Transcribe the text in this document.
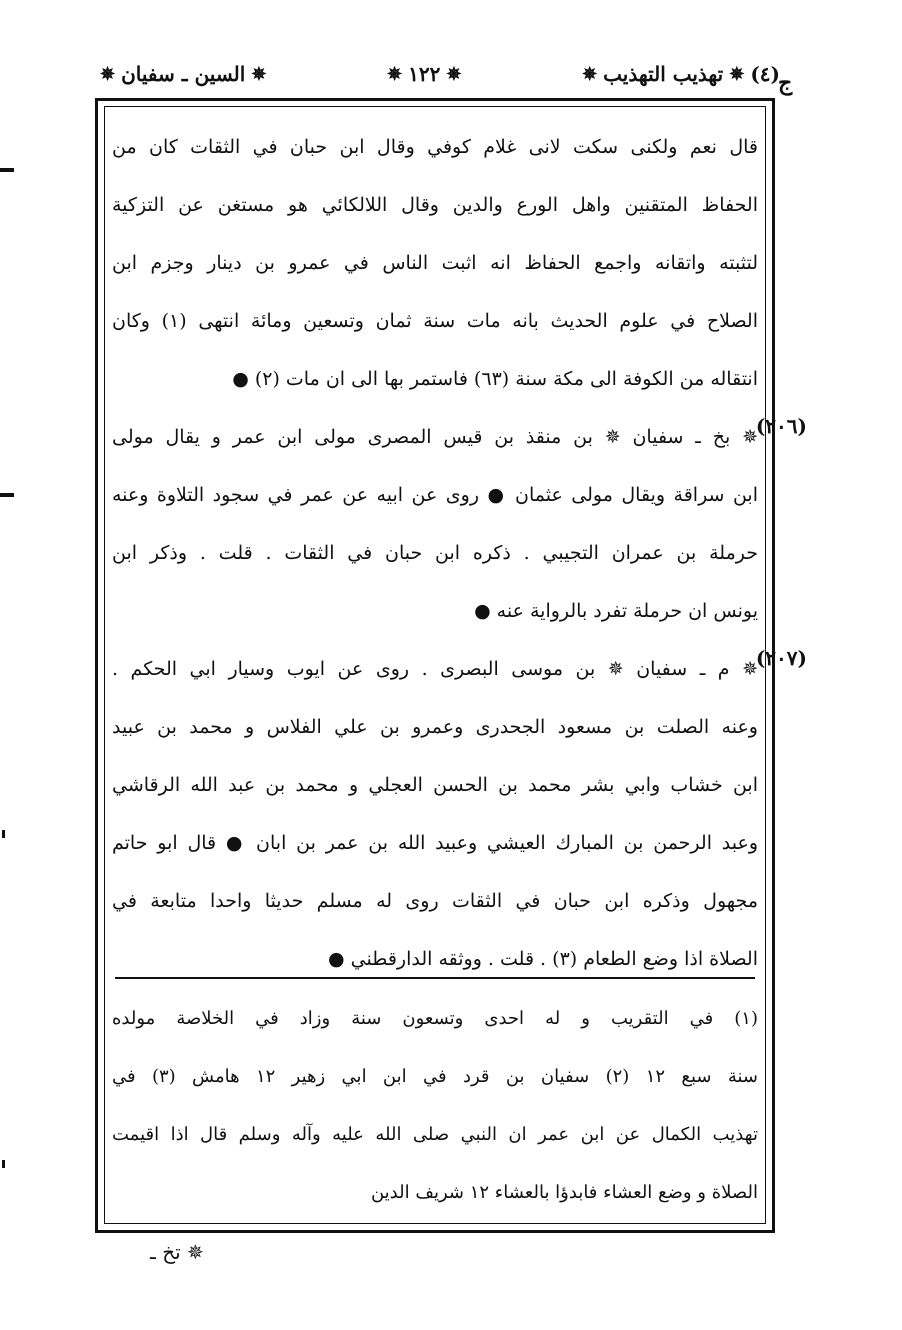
(٤)
✵
تهذيب التهذيب
✵
✵
١٢٢
✵
✵
السين ـ سفيان
✵	ج
قال نعم ولكنى سكت لانى غلام كوفي وقال ابن حبان في الثقات كان من
الحفاظ المتقنين واهل الورع والدين وقال اللالكائي هو مستغن عن التزكية
لتثبته واتقانه واجمع الحفاظ انه اثبت الناس في عمرو بن دينار وجزم ابن
الصلاح في علوم الحديث بانه مات سنة ثمان وتسعين ومائة انتهى (١) وكان
انتقاله من الكوفة الى مكة سنة (٦٣) فاستمر بها الى ان مات (٢) ●
✵ بخ ـ سفيان ✵ بن منقذ بن قيس المصرى مولى ابن عمر و يقال مولى
ابن سراقة ويقال مولى عثمان ● روى عن ابيه عن عمر في سجود التلاوة وعنه
حرملة بن عمران التجيبي . ذكره ابن حبان في الثقات . قلت . وذكر ابن
يونس ان حرملة تفرد بالرواية عنه ●
✵ م ـ سفيان ✵ بن موسى البصرى . روى عن ايوب وسيار ابي الحكم .
وعنه الصلت بن مسعود الجحدرى وعمرو بن علي الفلاس و محمد بن عبيد
ابن خشاب وابي بشر محمد بن الحسن العجلي و محمد بن عبد الله الرقاشي
وعبد الرحمن بن المبارك العيشي وعبيد الله بن عمر بن ابان ● قال ابو حاتم
مجهول وذكره ابن حبان في الثقات روى له مسلم حديثا واحدا متابعة في
الصلاة اذا وضع الطعام (٣) . قلت . ووثقه الدارقطني ●
(٢٠٦)
(٢٠٧)
(١) في التقريب و له احدى وتسعون سنة وزاد في الخلاصة مولده
سنة سبع ١٢ (٢) سفيان بن قرد في ابن ابي زهير ١٢ هامش (٣) في
تهذيب الكمال عن ابن عمر ان النبي صلى الله عليه وآله وسلم قال اذا اقيمت
الصلاة و وضع العشاء فابدؤا بالعشاء ١٢ شريف الدين
✵ تخ ـ
